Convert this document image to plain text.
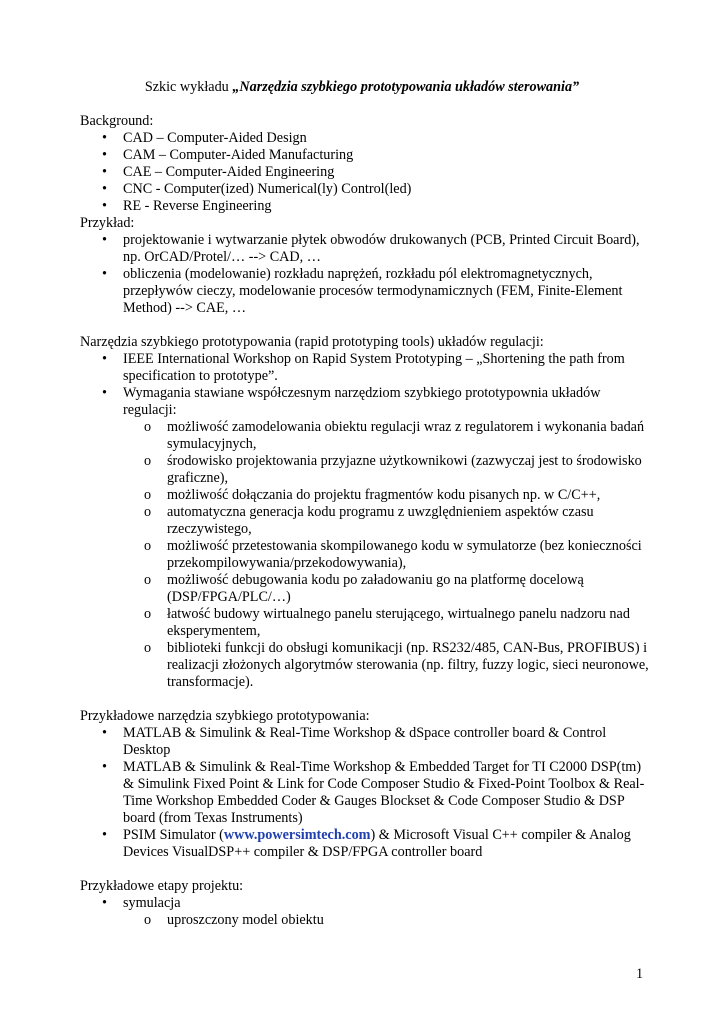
Szkic wykładu „Narzędzia szybkiego prototypowania układów sterowania”

Background:

•	CAD – Computer-Aided Design
•	CAM – Computer-Aided Manufacturing
•	CAE – Computer-Aided Engineering
•	CNC - Computer(ized) Numerical(ly) Control(led)
•	RE - Reverse Engineering

Przykład:

•	projektowanie i wytwarzanie płytek obwodów drukowanych (PCB, Printed Circuit Board), np. OrCAD/Protel/… --> CAD, …
•	obliczenia (modelowanie) rozkładu naprężeń, rozkładu pól elektromagnetycznych, przepływów cieczy, modelowanie procesów termodynamicznych (FEM, Finite-Element Method) --> CAE, …

Narzędzia szybkiego prototypowania (rapid prototyping tools) układów regulacji:

•	IEEE International Workshop on Rapid System Prototyping – „Shortening the path from specification to prototype”.
•	Wymagania stawiane współczesnym narzędziom szybkiego prototypownia układów regulacji:
o możliwość zamodelowania obiektu regulacji wraz z regulatorem i wykonania badań symulacyjnych,
o środowisko projektowania przyjazne użytkownikowi (zazwyczaj jest to środowisko graficzne),
o możliwość dołączania do projektu fragmentów kodu pisanych np. w C/C++,
o automatyczna generacja kodu programu z uwzględnieniem aspektów czasu rzeczywistego,
o możliwość przetestowania skompilowanego kodu w symulatorze (bez konieczności przekompilowywania/przekodowywania),
o możliwość debugowania kodu po załadowaniu go na platformę docelową (DSP/FPGA/PLC/…)
o łatwość budowy wirtualnego panelu sterującego, wirtualnego panelu nadzoru nad eksperymentem,
o biblioteki funkcji do obsługi komunikacji (np. RS232/485, CAN-Bus, PROFIBUS) i realizacji złożonych algorytmów sterowania (np. filtry, fuzzy logic, sieci neuronowe, transformacje).

Przykładowe narzędzia szybkiego prototypowania:

•	MATLAB & Simulink & Real-Time Workshop & dSpace controller board & Control Desktop
•	MATLAB & Simulink & Real-Time Workshop & Embedded Target for TI C2000 DSP(tm) & Simulink Fixed Point & Link for Code Composer Studio & Fixed-Point Toolbox & Real-Time Workshop Embedded Coder & Gauges Blockset & Code Composer Studio & DSP board (from Texas Instruments)
•	PSIM Simulator (www.powersimtech.com) & Microsoft Visual C++ compiler & Analog Devices VisualDSP++ compiler & DSP/FPGA controller board

Przykładowe etapy projektu:

•	symulacja
o uproszczony model obiektu
1
